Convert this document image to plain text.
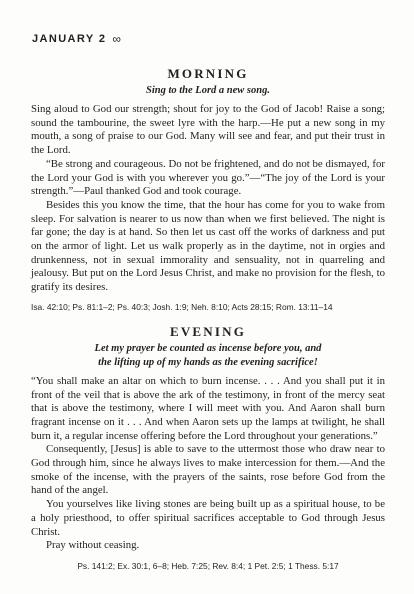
JANUARY 2 ∞
MORNING
Sing to the Lord a new song.

Sing aloud to God our strength; shout for joy to the God of Jacob! Raise a song; sound the tambourine, the sweet lyre with the harp.—He put a new song in my mouth, a song of praise to our God. Many will see and fear, and put their trust in the Lord.

“Be strong and courageous. Do not be frightened, and do not be dismayed, for the Lord your God is with you wherever you go.”—“The joy of the Lord is your strength.”—Paul thanked God and took courage.

Besides this you know the time, that the hour has come for you to wake from sleep. For salvation is nearer to us now than when we first believed. The night is far gone; the day is at hand. So then let us cast off the works of darkness and put on the armor of light. Let us walk properly as in the daytime, not in orgies and drunkenness, not in sexual immorality and sensuality, not in quarreling and jealousy. But put on the Lord Jesus Christ, and make no provision for the flesh, to gratify its desires.

Isa. 42:10; Ps. 81:1–2; Ps. 40:3; Josh. 1:9; Neh. 8:10; Acts 28:15; Rom. 13:11–14
EVENING
Let my prayer be counted as incense before you, and
the lifting up of my hands as the evening sacrifice!

“You shall make an altar on which to burn incense. . . . And you shall put it in front of the veil that is above the ark of the testimony, in front of the mercy seat that is above the testimony, where I will meet with you. And Aaron shall burn fragrant incense on it . . . And when Aaron sets up the lamps at twilight, he shall burn it, a regular incense offering before the Lord throughout your generations.”

Consequently, [Jesus] is able to save to the uttermost those who draw near to God through him, since he always lives to make intercession for them.—And the smoke of the incense, with the prayers of the saints, rose before God from the hand of the angel.

You yourselves like living stones are being built up as a spiritual house, to be a holy priesthood, to offer spiritual sacrifices acceptable to God through Jesus Christ.

Pray without ceasing.

Ps. 141:2; Ex. 30:1, 6–8; Heb. 7:25; Rev. 8:4; 1 Pet. 2:5; 1 Thess. 5:17
